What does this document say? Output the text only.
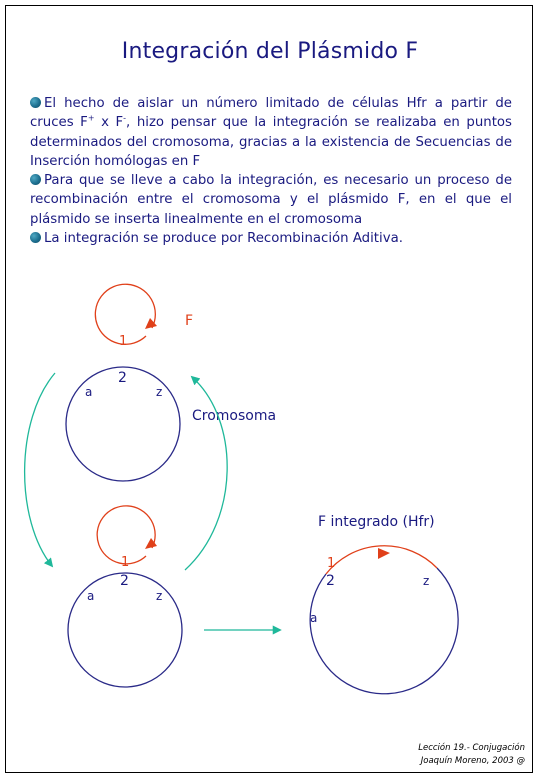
Integración del Plásmido F
El hecho de aislar un número limitado de células Hfr a partir de cruces F+ x F-, hizo pensar que la integración se realizaba en puntos determinados del cromosoma, gracias a la existencia de Secuencias de Inserción homólogas en F
Para que se lleve a cabo la integración, es necesario un proceso de recombinación entre el cromosoma y el plásmido F, en el que el plásmido se inserta linealmente en el cromosoma
La integración se produce por Recombinación Aditiva.
1
F
2
a	z
Cromosoma
1
2
a	z
F integrado (Hfr)
1
2
a
z
Lección 19.- Conjugación
Joaquín Moreno, 2003 @
